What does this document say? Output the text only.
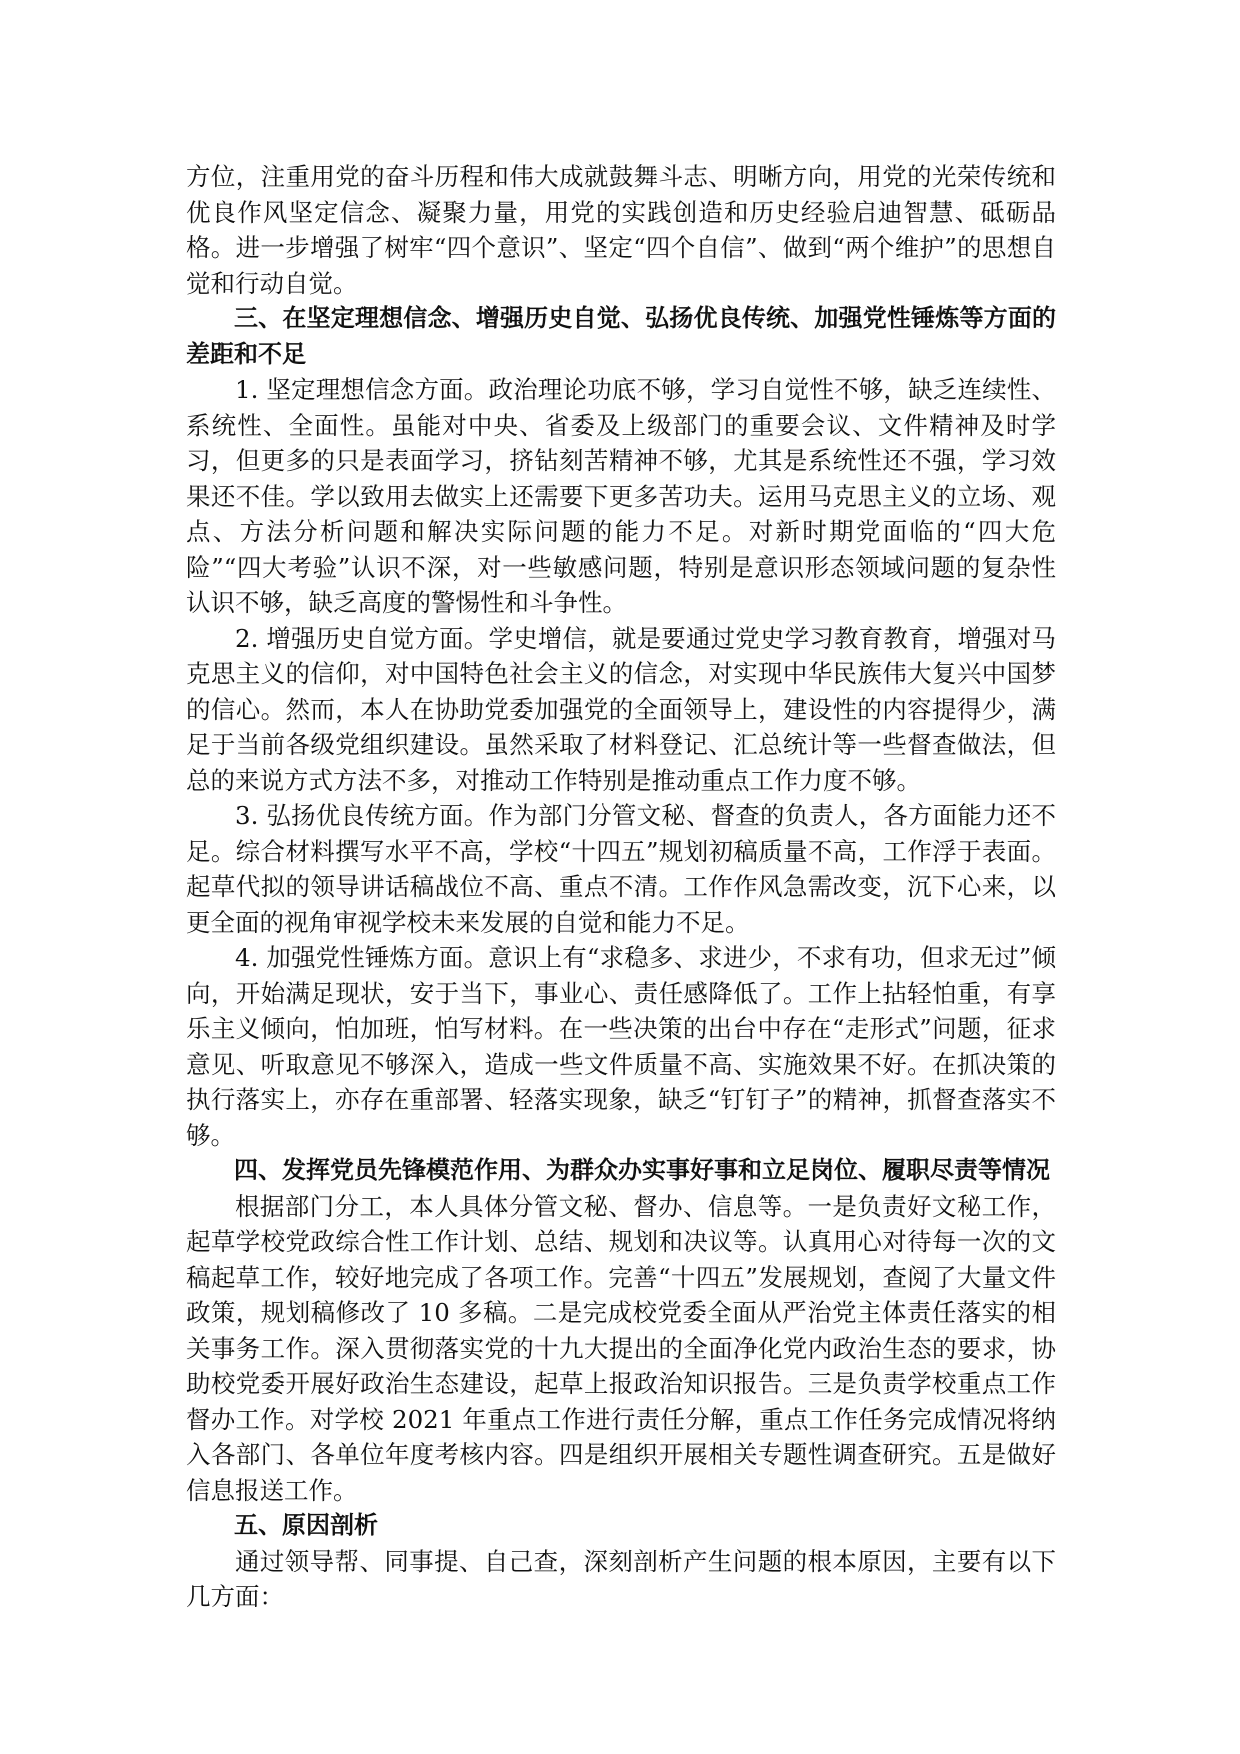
方位，注重用党的奋斗历程和伟大成就鼓舞斗志、明晰方向，用党的光荣传统和优良作风坚定信念、凝聚力量，用党的实践创造和历史经验启迪智慧、砥砺品格。进一步增强了树牢“四个意识”、坚定“四个自信”、做到“两个维护”的思想自觉和行动自觉。

三、在坚定理想信念、增强历史自觉、弘扬优良传统、加强党性锤炼等方面的差距和不足

1. 坚定理想信念方面。政治理论功底不够，学习自觉性不够，缺乏连续性、系统性、全面性。虽能对中央、省委及上级部门的重要会议、文件精神及时学习，但更多的只是表面学习，挤钻刻苦精神不够，尤其是系统性还不强，学习效果还不佳。学以致用去做实上还需要下更多苦功夫。运用马克思主义的立场、观点、方法分析问题和解决实际问题的能力不足。对新时期党面临的“四大危险”“四大考验”认识不深，对一些敏感问题，特别是意识形态领域问题的复杂性认识不够，缺乏高度的警惕性和斗争性。

2. 增强历史自觉方面。学史增信，就是要通过党史学习教育教育，增强对马克思主义的信仰，对中国特色社会主义的信念，对实现中华民族伟大复兴中国梦的信心。然而，本人在协助党委加强党的全面领导上，建设性的内容提得少，满足于当前各级党组织建设。虽然采取了材料登记、汇总统计等一些督查做法，但总的来说方式方法不多，对推动工作特别是推动重点工作力度不够。

3. 弘扬优良传统方面。作为部门分管文秘、督查的负责人，各方面能力还不足。综合材料撰写水平不高，学校“十四五”规划初稿质量不高，工作浮于表面。起草代拟的领导讲话稿战位不高、重点不清。工作作风急需改变，沉下心来，以更全面的视角审视学校未来发展的自觉和能力不足。

4. 加强党性锤炼方面。意识上有“求稳多、求进少，不求有功，但求无过”倾向，开始满足现状，安于当下，事业心、责任感降低了。工作上拈轻怕重，有享乐主义倾向，怕加班，怕写材料。在一些决策的出台中存在“走形式”问题，征求意见、听取意见不够深入，造成一些文件质量不高、实施效果不好。在抓决策的执行落实上，亦存在重部署、轻落实现象，缺乏“钉钉子”的精神，抓督查落实不够。

四、发挥党员先锋模范作用、为群众办实事好事和立足岗位、履职尽责等情况

根据部门分工，本人具体分管文秘、督办、信息等。一是负责好文秘工作，起草学校党政综合性工作计划、总结、规划和决议等。认真用心对待每一次的文稿起草工作，较好地完成了各项工作。完善“十四五”发展规划，查阅了大量文件政策，规划稿修改了 10 多稿。二是完成校党委全面从严治党主体责任落实的相关事务工作。深入贯彻落实党的十九大提出的全面净化党内政治生态的要求，协助校党委开展好政治生态建设，起草上报政治知识报告。三是负责学校重点工作督办工作。对学校 2021 年重点工作进行责任分解，重点工作任务完成情况将纳入各部门、各单位年度考核内容。四是组织开展相关专题性调查研究。五是做好信息报送工作。

五、原因剖析

通过领导帮、同事提、自己查，深刻剖析产生问题的根本原因，主要有以下几方面：
